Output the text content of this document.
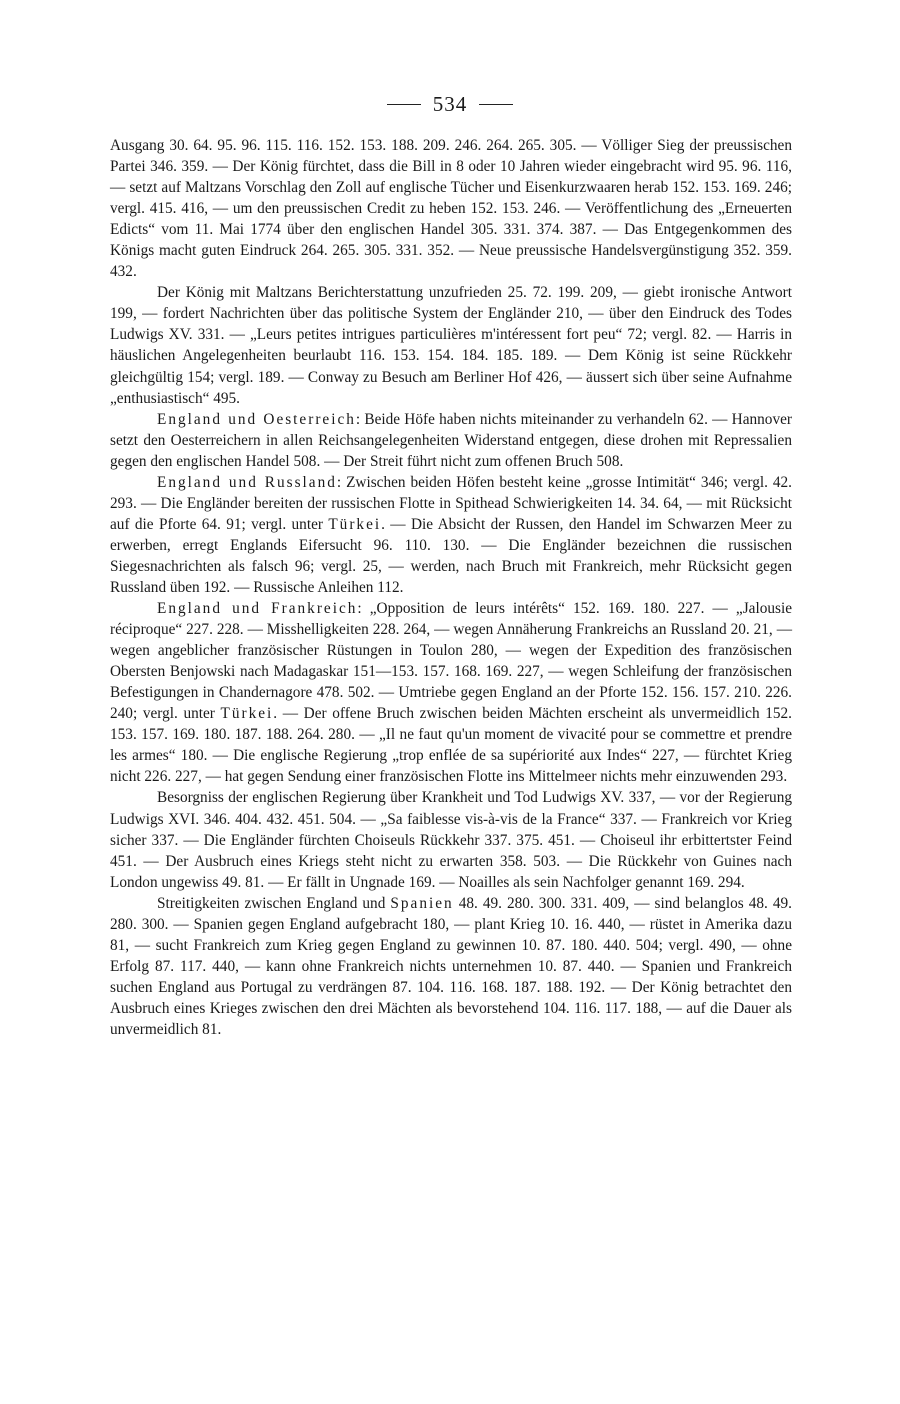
534

Ausgang 30. 64. 95. 96. 115. 116. 152. 153. 188. 209. 246. 264. 265. 305. — Völliger Sieg der preussischen Partei 346. 359. — Der König fürchtet, dass die Bill in 8 oder 10 Jahren wieder eingebracht wird 95. 96. 116, — setzt auf Maltzans Vorschlag den Zoll auf englische Tücher und Eisenkurzwaaren herab 152. 153. 169. 246; vergl. 415. 416, — um den preussischen Credit zu heben 152. 153. 246. — Veröffentlichung des „Erneuerten Edicts“ vom 11. Mai 1774 über den englischen Handel 305. 331. 374. 387. — Das Entgegenkommen des Königs macht guten Eindruck 264. 265. 305. 331. 352. — Neue preussische Handelsvergünstigung 352. 359. 432.

Der König mit Maltzans Berichterstattung unzufrieden 25. 72. 199. 209, — giebt ironische Antwort 199, — fordert Nachrichten über das politische System der Engländer 210, — über den Eindruck des Todes Ludwigs XV. 331. — „Leurs petites intrigues particulières m'intéressent fort peu“ 72; vergl. 82. — Harris in häuslichen Angelegenheiten beurlaubt 116. 153. 154. 184. 185. 189. — Dem König ist seine Rückkehr gleichgültig 154; vergl. 189. — Conway zu Besuch am Berliner Hof 426, — äussert sich über seine Aufnahme „enthusiastisch“ 495.

England und Oesterreich: Beide Höfe haben nichts miteinander zu verhandeln 62. — Hannover setzt den Oesterreichern in allen Reichsangelegenheiten Widerstand entgegen, diese drohen mit Repressalien gegen den englischen Handel 508. — Der Streit führt nicht zum offenen Bruch 508.

England und Russland: Zwischen beiden Höfen besteht keine „grosse Intimität“ 346; vergl. 42. 293. — Die Engländer bereiten der russischen Flotte in Spithead Schwierigkeiten 14. 34. 64, — mit Rücksicht auf die Pforte 64. 91; vergl. unter Türkei. — Die Absicht der Russen, den Handel im Schwarzen Meer zu erwerben, erregt Englands Eifersucht 96. 110. 130. — Die Engländer bezeichnen die russischen Siegesnachrichten als falsch 96; vergl. 25, — werden, nach Bruch mit Frankreich, mehr Rücksicht gegen Russland üben 192. — Russische Anleihen 112.

England und Frankreich: „Opposition de leurs intérêts“ 152. 169. 180. 227. — „Jalousie réciproque“ 227. 228. — Misshelligkeiten 228. 264, — wegen Annäherung Frankreichs an Russland 20. 21, — wegen angeblicher französischer Rüstungen in Toulon 280, — wegen der Expedition des französischen Obersten Benjowski nach Madagaskar 151—153. 157. 168. 169. 227, — wegen Schleifung der französischen Befestigungen in Chandernagore 478. 502. — Umtriebe gegen England an der Pforte 152. 156. 157. 210. 226. 240; vergl. unter Türkei. — Der offene Bruch zwischen beiden Mächten erscheint als unvermeidlich 152. 153. 157. 169. 180. 187. 188. 264. 280. — „Il ne faut qu'un moment de vivacité pour se commettre et prendre les armes“ 180. — Die englische Regierung „trop enflée de sa supériorité aux Indes“ 227, — fürchtet Krieg nicht 226. 227, — hat gegen Sendung einer französischen Flotte ins Mittelmeer nichts mehr einzuwenden 293.

Besorgniss der englischen Regierung über Krankheit und Tod Ludwigs XV. 337, — vor der Regierung Ludwigs XVI. 346. 404. 432. 451. 504. — „Sa faiblesse vis-à-vis de la France“ 337. — Frankreich vor Krieg sicher 337. — Die Engländer fürchten Choiseuls Rückkehr 337. 375. 451. — Choiseul ihr erbittertster Feind 451. — Der Ausbruch eines Kriegs steht nicht zu erwarten 358. 503. — Die Rückkehr von Guines nach London ungewiss 49. 81. — Er fällt in Ungnade 169. — Noailles als sein Nachfolger genannt 169. 294.

Streitigkeiten zwischen England und Spanien 48. 49. 280. 300. 331. 409, — sind belanglos 48. 49. 280. 300. — Spanien gegen England aufgebracht 180, — plant Krieg 10. 16. 440, — rüstet in Amerika dazu 81, — sucht Frankreich zum Krieg gegen England zu gewinnen 10. 87. 180. 440. 504; vergl. 490, — ohne Erfolg 87. 117. 440, — kann ohne Frankreich nichts unternehmen 10. 87. 440. — Spanien und Frankreich suchen England aus Portugal zu verdrängen 87. 104. 116. 168. 187. 188. 192. — Der König betrachtet den Ausbruch eines Krieges zwischen den drei Mächten als bevorstehend 104. 116. 117. 188, — auf die Dauer als unvermeidlich 81.
